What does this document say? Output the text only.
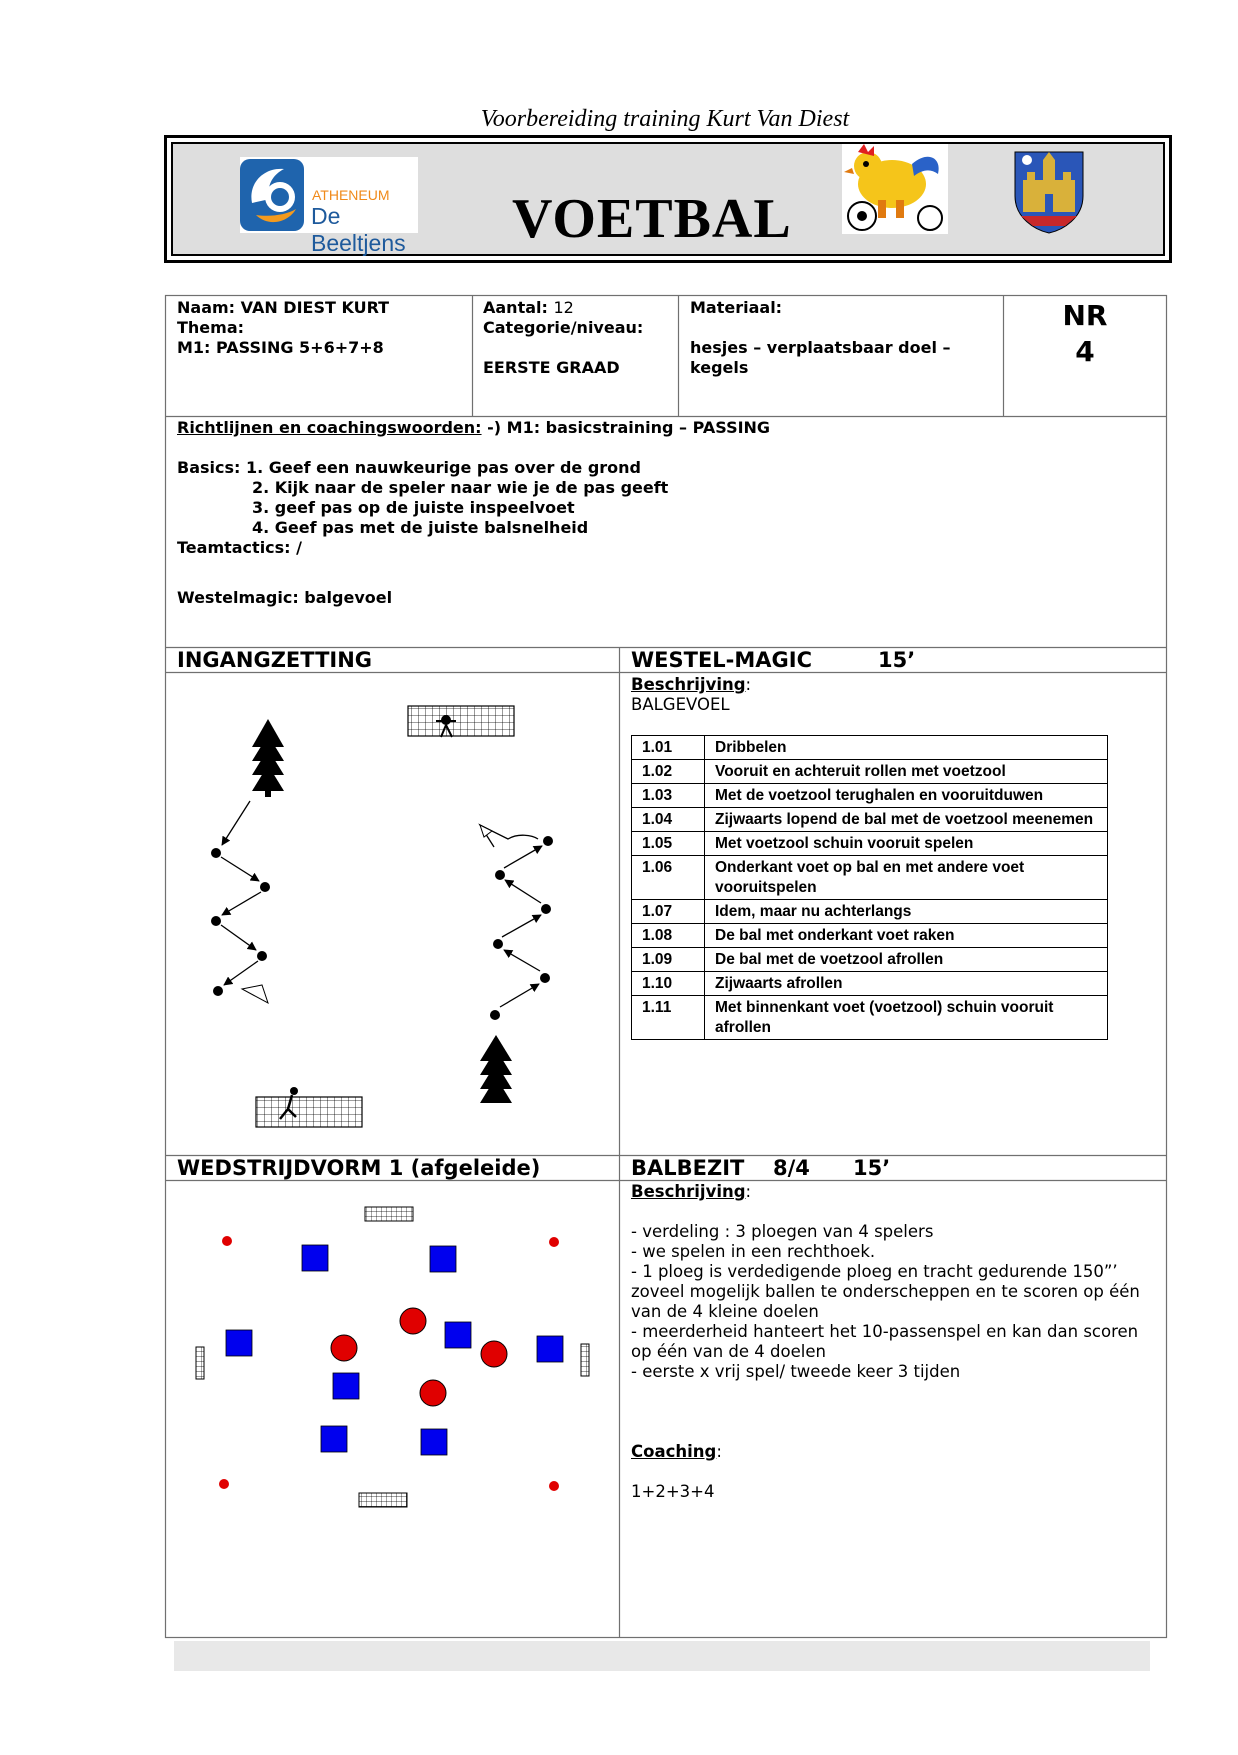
Voorbereiding training Kurt Van Diest
VOETBAL
ATHENEUM
De Beeltjens
Naam: VAN DIEST KURT
Thema:
M1: PASSING 5+6+7+8
Aantal: 12
Categorie/niveau:
EERSTE GRAAD
Materiaal:
hesjes – verplaatsbaar doel –
kegels
NR
4
Richtlijnen en coachingswoorden: -) M1: basicstraining – PASSING
Basics: 1. Geef een nauwkeurige pas over de grond
2. Kijk naar de speler naar wie je de pas geeft
3. geef pas op de juiste inspeelvoet
4. Geef pas met de juiste balsnelheid
Teamtactics: /
Westelmagic: balgevoel
INGANGZETTING	WESTEL-MAGIC	15’
Beschrijving:
BALGEVOEL
1.01	Dribbelen
1.02	Vooruit en achteruit rollen met voetzool
1.03	Met de voetzool terughalen en vooruitduwen
1.04	Zijwaarts lopend de bal met de voetzool meenemen
1.05	Met voetzool schuin vooruit spelen
1.06	Onderkant voet op bal en met andere voet vooruitspelen
1.07	Idem, maar nu achterlangs
1.08	De bal met onderkant voet raken
1.09	De bal met de voetzool afrollen
1.10	Zijwaarts afrollen
1.11	Met binnenkant voet (voetzool) schuin vooruit afrollen
WEDSTRIJDVORM 1 (afgeleide)	BALBEZIT 8/4 15’
Beschrijving:
- verdeling : 3 ploegen van 4 spelers
- we spelen in een rechthoek.
- 1 ploeg is verdedigende ploeg en tracht gedurende 150”’
zoveel mogelijk ballen te onderscheppen en te scoren op één
van de 4 kleine doelen
- meerderheid hanteert het 10-passenspel en kan dan scoren
op één van de 4 doelen
- eerste x vrij spel/ tweede keer 3 tijden
Coaching:
1+2+3+4
